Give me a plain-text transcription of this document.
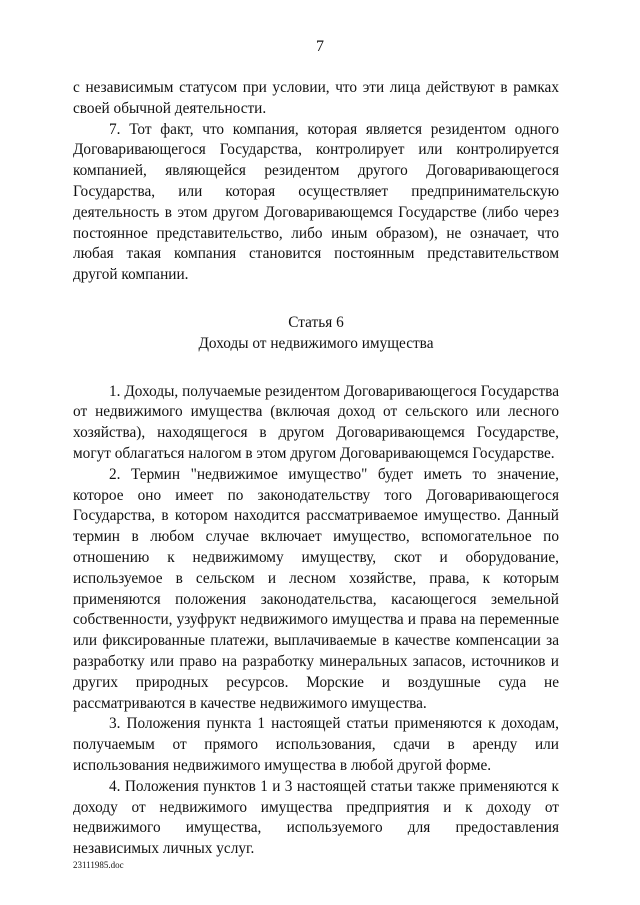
7

с независимым статусом при условии, что эти лица действуют в рамках своей обычной деятельности.

7. Тот факт, что компания, которая является резидентом одного Договаривающегося Государства, контролирует или контролируется компанией, являющейся резидентом другого Договаривающегося Государства, или которая осуществляет предпринимательскую деятельность в этом другом Договаривающемся Государстве (либо через постоянное представительство, либо иным образом), не означает, что любая такая компания становится постоянным представительством другой компании.

Статья 6
Доходы от недвижимого имущества

1. Доходы, получаемые резидентом Договаривающегося Государства от недвижимого имущества (включая доход от сельского или лесного хозяйства), находящегося в другом Договаривающемся Государстве, могут облагаться налогом в этом другом Договаривающемся Государстве.

2. Термин "недвижимое имущество" будет иметь то значение, которое оно имеет по законодательству того Договаривающегося Государства, в котором находится рассматриваемое имущество. Данный термин в любом случае включает имущество, вспомогательное по отношению к недвижимому имуществу, скот и оборудование, используемое в сельском и лесном хозяйстве, права, к которым применяются положения законодательства, касающегося земельной собственности, узуфрукт недвижимого имущества и права на переменные или фиксированные платежи, выплачиваемые в качестве компенсации за разработку или право на разработку минеральных запасов, источников и других природных ресурсов. Морские и воздушные суда не рассматриваются в качестве недвижимого имущества.

3. Положения пункта 1 настоящей статьи применяются к доходам, получаемым от прямого использования, сдачи в аренду или использования недвижимого имущества в любой другой форме.

4. Положения пунктов 1 и 3 настоящей статьи также применяются к доходу от недвижимого имущества предприятия и к доходу от недвижимого имущества, используемого для предоставления независимых личных услуг.

23111985.doc
